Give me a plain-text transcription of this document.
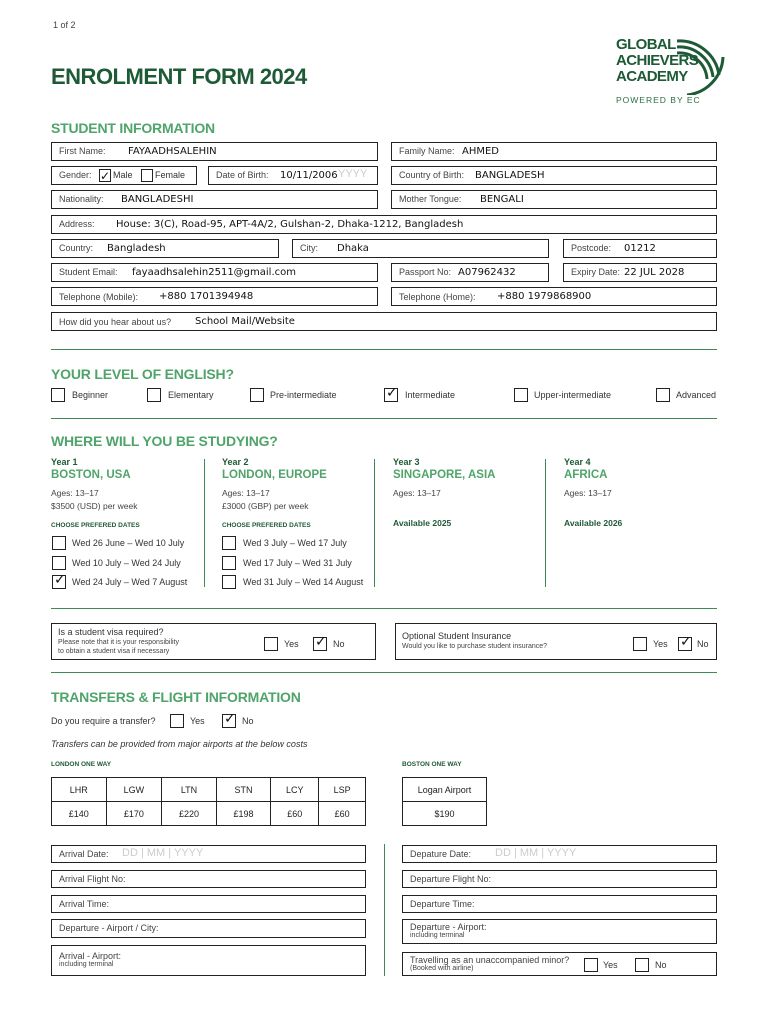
1 of 2
ENROLMENT FORM 2024
GLOBAL
ACHIEVERS
ACADEMY
POWERED BY EC
STUDENT INFORMATION
First Name: FAYAADHSALEHIN	Family Name: AHMED
Gender: ✓ Male Female	Date of Birth: 10/11/2006 YYYY	Country of Birth: BANGLADESH
Nationality: BANGLADESHI	Mother Tongue: BENGALI
Address: House: 3(C), Road-95, APT-4A/2, Gulshan-2, Dhaka-1212, Bangladesh
Country: Bangladesh	City: Dhaka	Postcode: 01212
Student Email: fayaadhsalehin2511@gmail.com	Passport No: A07962432	Expiry Date: 22 JUL 2028
Telephone (Mobile): +880 1701394948	Telephone (Home): +880 1979868900
How did you hear about us? School Mail/Website
YOUR LEVEL OF ENGLISH?
Beginner	Elementary	Pre-intermediate	✓ Intermediate	Upper-intermediate	Advanced
WHERE WILL YOU BE STUDYING?
Year 1
BOSTON, USA
Ages: 13–17
$3500 (USD) per week
CHOOSE PREFERED DATES
Wed 26 June – Wed 10 July
Wed 10 July – Wed 24 July
✓ Wed 24 July – Wed 7 August
Year 2
LONDON, EUROPE
Ages: 13–17
£3000 (GBP) per week
CHOOSE PREFERED DATES
Wed 3 July – Wed 17 July
Wed 17 July – Wed 31 July
Wed 31 July – Wed 14 August
Year 3
SINGAPORE, ASIA
Ages: 13–17
Available 2025
Year 4
AFRICA
Ages: 13–17
Available 2026
Is a student visa required?
Please note that it is your responsibility
to obtain a student visa if necessary
Yes ✓ No
Optional Student Insurance
Would you like to purchase student insurance?	Yes ✓ No
TRANSFERS & FLIGHT INFORMATION
Do you require a transfer?	Yes ✓ No
Transfers can be provided from major airports at the below costs
LONDON ONE WAY	BOSTON ONE WAY
LHR	LGW	LTN	STN	LCY	LSP
£140	£170	£220	£198	£60	£60
Logan Airport
$190
Arrival Date: DD | MM | YYYY
Arrival Flight No:
Arrival Time:
Departure - Airport / City:
Arrival - Airport:
including terminal
Depature Date: DD | MM | YYYY
Departure Flight No:
Departure Time:
Departure - Airport:
including terminal
Travelling as an unaccompanied minor?
(Booked with airline)	Yes	No
